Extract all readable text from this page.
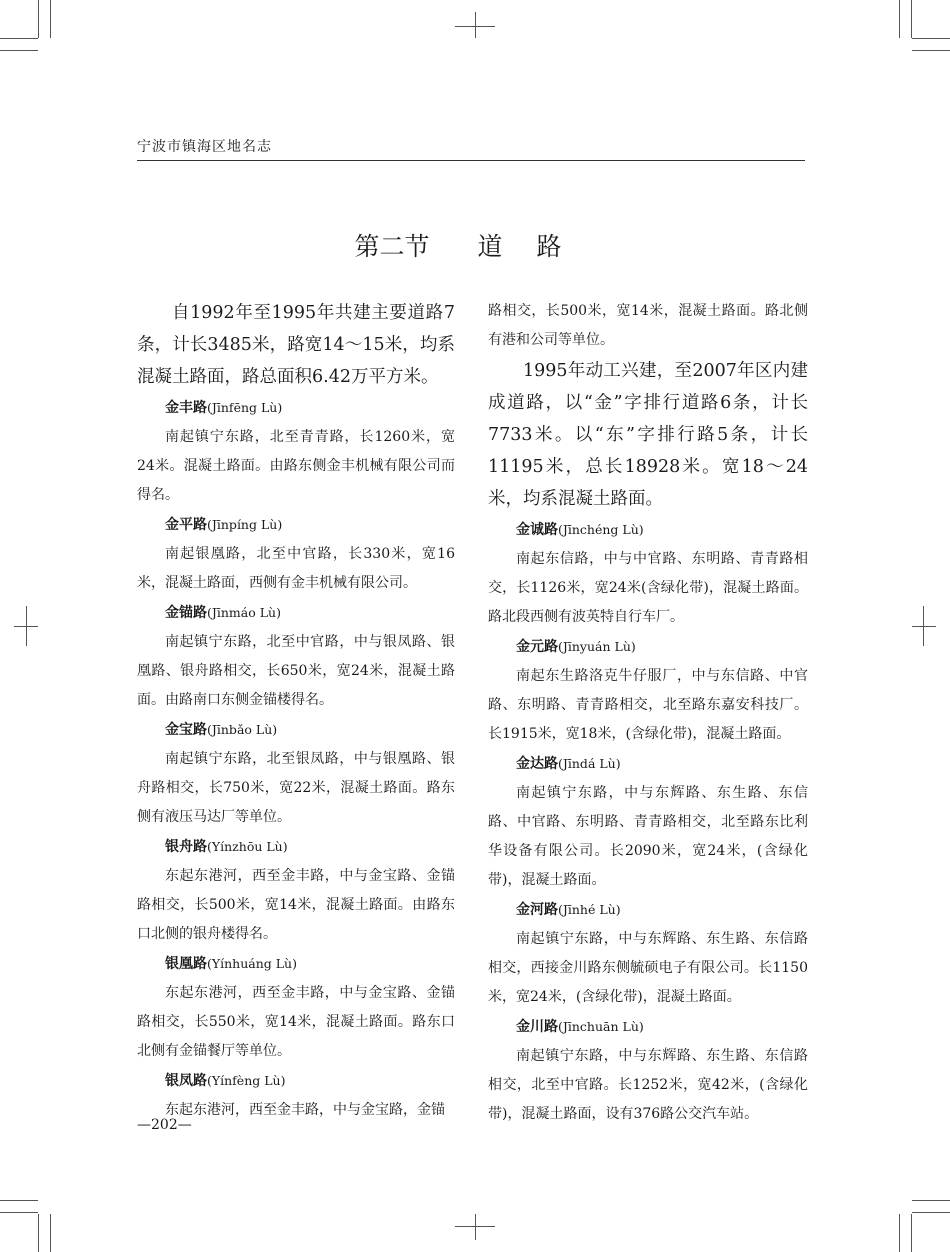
宁波市镇海区地名志
第二节 道路

自1992年至1995年共建主要道路7条，计长3485米，路宽14～15米，均系混凝土路面，路总面积6.42万平方米。

金丰路(Jīnfēng Lù)

南起镇宁东路，北至青青路，长1260米，宽24米。混凝土路面。由路东侧金丰机械有限公司而得名。

金平路(Jīnpíng Lù)

南起银凰路，北至中官路，长330米，宽16米，混凝土路面，西侧有金丰机械有限公司。

金锚路(Jīnmáo Lù)

南起镇宁东路，北至中官路，中与银凤路、银凰路、银舟路相交，长650米，宽24米，混凝土路面。由路南口东侧金锚楼得名。

金宝路(Jīnbǎo Lù)

南起镇宁东路，北至银凤路，中与银凰路、银舟路相交，长750米，宽22米，混凝土路面。路东侧有液压马达厂等单位。

银舟路(Yínzhōu Lù)

东起东港河，西至金丰路，中与金宝路、金锚路相交，长500米，宽14米，混凝土路面。由路东口北侧的银舟楼得名。

银凰路(Yínhuáng Lù)

东起东港河，西至金丰路，中与金宝路、金锚路相交，长550米，宽14米，混凝土路面。路东口北侧有金锚餐厅等单位。

银凤路(Yínfèng Lù)

东起东港河，西至金丰路，中与金宝路，金锚

路相交，长500米，宽14米，混凝土路面。路北侧有港和公司等单位。

1995年动工兴建，至2007年区内建成道路，以“金”字排行道路6条，计长7733米。以“东”字排行路5条，计长11195米，总长18928米。宽18～24米，均系混凝土路面。

金诚路(Jīnchéng Lù)

南起东信路，中与中官路、东明路、青青路相交，长1126米，宽24米(含绿化带)，混凝土路面。路北段西侧有波英特自行车厂。

金元路(Jīnyuán Lù)

南起东生路洛克牛仔服厂，中与东信路、中官路、东明路、青青路相交，北至路东嘉安科技厂。长1915米，宽18米，(含绿化带)，混凝土路面。

金达路(Jīndá Lù)

南起镇宁东路，中与东辉路、东生路、东信路、中官路、东明路、青青路相交，北至路东比利华设备有限公司。长2090米，宽24米，(含绿化带)，混凝土路面。

金河路(Jīnhé Lù)

南起镇宁东路，中与东辉路、东生路、东信路相交，西接金川路东侧毓硕电子有限公司。长1150米，宽24米，(含绿化带)，混凝土路面。

金川路(Jīnchuān Lù)

南起镇宁东路，中与东辉路、东生路、东信路相交，北至中官路。长1252米，宽42米，(含绿化带)，混凝土路面，设有376路公交汽车站。

—202—
